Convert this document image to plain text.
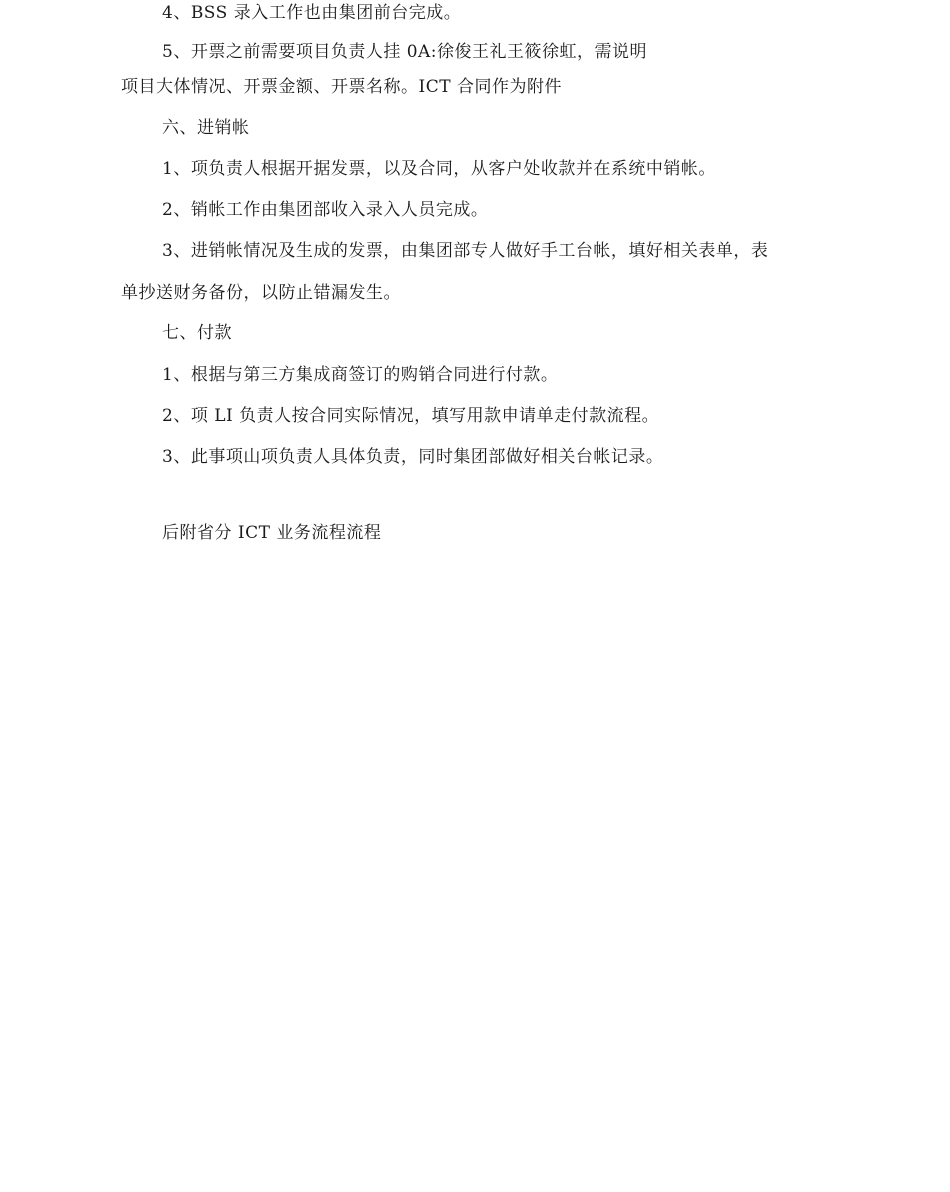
4、BSS 录入工作也由集团前台完成。
5、开票之前需要项目负责人挂 0A:徐俊王礼王筱徐虹，需说明
项目大体情况、开票金额、开票名称。ICT 合同作为附件
六、进销帐
1、项负责人根据开据发票，以及合同，从客户处收款并在系统中销帐。
2、销帐工作由集团部收入录入人员完成。
3、进销帐情况及生成的发票，由集团部专人做好手工台帐，填好相关表单，表
单抄送财务备份，以防止错漏发生。
七、付款
1、根据与第三方集成商签订的购销合同进行付款。
2、项 LI 负责人按合同实际情况，填写用款申请单走付款流程。
3、此事项山项负责人具体负责，同时集团部做好相关台帐记录。
后附省分 ICT 业务流程流程
